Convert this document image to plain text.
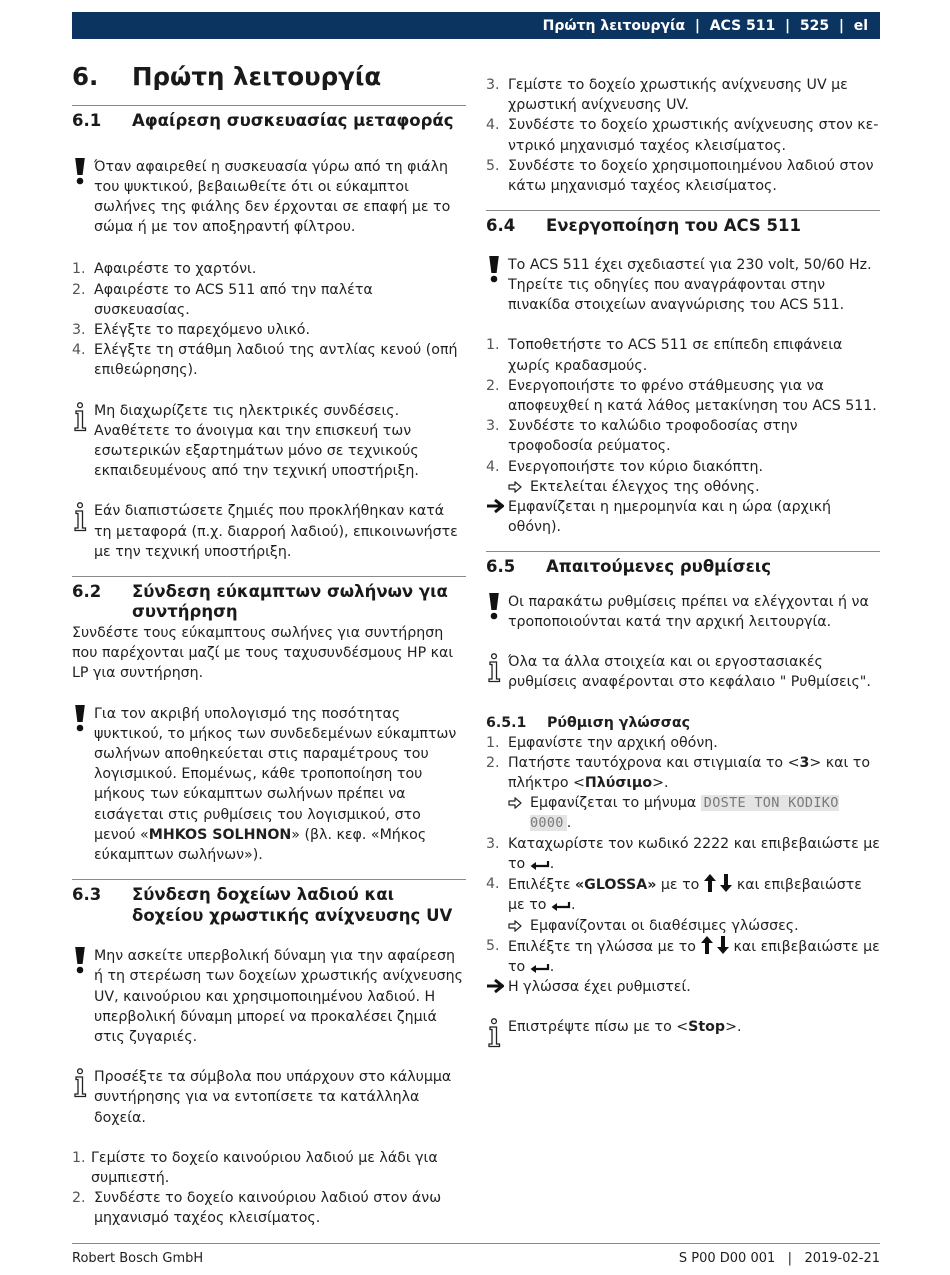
Πρώτη λειτουργία  |  ACS 511  |  525  |  el
6.	Πρώτη λειτουργία
6.1	Αφαίρεση συσκευασίας μεταφοράς
Όταν αφαιρεθεί η συσκευασία γύρω από τη φιάλη του ψυκτικού, βεβαιωθείτε ότι οι εύκαμπτοι σωλήνες της φιάλης δεν έρχονται σε επαφή με το σώμα ή με τον αποξηραντή φίλτρου.
1. Αφαιρέστε το χαρτόνι.
2. Αφαιρέστε το ACS 511 από την παλέτα συσκευασίας.
3. Ελέγξτε το παρεχόμενο υλικό.
4. Ελέγξτε τη στάθμη λαδιού της αντλίας κενού (οπή επιθεώρησης).
Μη διαχωρίζετε τις ηλεκτρικές συνδέσεις. Αναθέτετε το άνοιγμα και την επισκευή των εσωτερικών εξαρτημάτων μόνο σε τεχνικούς εκπαιδευμένους από την τεχνική υποστήριξη.
Εάν διαπιστώσετε ζημιές που προκλήθηκαν κατά τη μεταφορά (π.χ. διαρροή λαδιού), επικοινωνήστε με την τεχνική υποστήριξη.
6.2	Σύνδεση εύκαμπτων σωλήνων για συντήρηση

Συνδέστε τους εύκαμπτους σωλήνες για συντήρηση που παρέχονται μαζί με τους ταχυσυνδέσμους HP και LP για συντήρηση.

Για τον ακριβή υπολογισμό της ποσότητας ψυκτικού, το μήκος των συνδεδεμένων εύκαμπτων σωλήνων αποθηκεύεται στις παραμέτρους του λογισμικού. Επομένως, κάθε τροποποίηση του μήκους των εύκαμπτων σωλήνων πρέπει να εισάγεται στις ρυθμίσεις του λογισμικού, στο μενού «MHKOS SOLHNON» (βλ. κεφ. «Μήκος εύκαμπτων σωλήνων»).
6.3	Σύνδεση δοχείων λαδιού και δοχείου χρωστικής ανίχνευσης UV
Μην ασκείτε υπερβολική δύναμη για την αφαίρεση ή τη στερέωση των δοχείων χρωστικής ανίχνευσης UV, καινούριου και χρησιμοποιημένου λαδιού. Η υπερβολική δύναμη μπορεί να προκαλέσει ζημιά στις ζυγαριές.
Προσέξτε τα σύμβολα που υπάρχουν στο κάλυμμα συντήρησης για να εντοπίσετε τα κατάλληλα δοχεία.
1. Γεμίστε το δοχείο καινούριου λαδιού με λάδι για συμπιεστή.
2. Συνδέστε το δοχείο καινούριου λαδιού στον άνω μηχανισμό ταχέος κλεισίματος.
3. Γεμίστε το δοχείο χρωστικής ανίχνευσης UV με χρωστική ανίχνευσης UV.
4. Συνδέστε το δοχείο χρωστικής ανίχνευσης στον κεντρικό μηχανισμό ταχέος κλεισίματος.
5. Συνδέστε το δοχείο χρησιμοποιημένου λαδιού στον κάτω μηχανισμό ταχέος κλεισίματος.
6.4	Ενεργοποίηση του ACS 511
Το ACS 511 έχει σχεδιαστεί για 230 volt, 50/60 Hz. Τηρείτε τις οδηγίες που αναγράφονται στην πινακίδα στοιχείων αναγνώρισης του ACS 511.
1. Τοποθετήστε το ACS 511 σε επίπεδη επιφάνεια χωρίς κραδασμούς.
2. Ενεργοποιήστε το φρένο στάθμευσης για να αποφευχθεί η κατά λάθος μετακίνηση του ACS 511.
3. Συνδέστε το καλώδιο τροφοδοσίας στην τροφοδοσία ρεύματος.
4. Ενεργοποιήστε τον κύριο διακόπτη.
Εκτελείται έλεγχος της οθόνης.
Εμφανίζεται η ημερομηνία και η ώρα (αρχική οθόνη).
6.5	Απαιτούμενες ρυθμίσεις
Οι παρακάτω ρυθμίσεις πρέπει να ελέγχονται ή να τροποποιούνται κατά την αρχική λειτουργία.
Όλα τα άλλα στοιχεία και οι εργοστασιακές ρυθμίσεις αναφέρονται στο κεφάλαιο " Ρυθμίσεις".
6.5.1	Ρύθμιση γλώσσας
1. Εμφανίστε την αρχική οθόνη.
2. Πατήστε ταυτόχρονα και στιγμιαία το <3> και το πλήκτρο <Πλύσιμο>.
Εμφανίζεται το μήνυμα DOSTE TON KODIKO 0000 .
3. Καταχωρίστε τον κωδικό 2222 και επιβεβαιώστε με το .
4. Επιλέξτε «GLOSSA» με το	και επιβεβαιώστε με το .
Εμφανίζονται οι διαθέσιμες γλώσσες.
5. Επιλέξτε τη γλώσσα με το	και επιβεβαιώστε με το .
Η γλώσσα έχει ρυθμιστεί.
Επιστρέψτε πίσω με το <Stop>.
Robert Bosch GmbH	S P00 D00 001   |   2019-02-21
